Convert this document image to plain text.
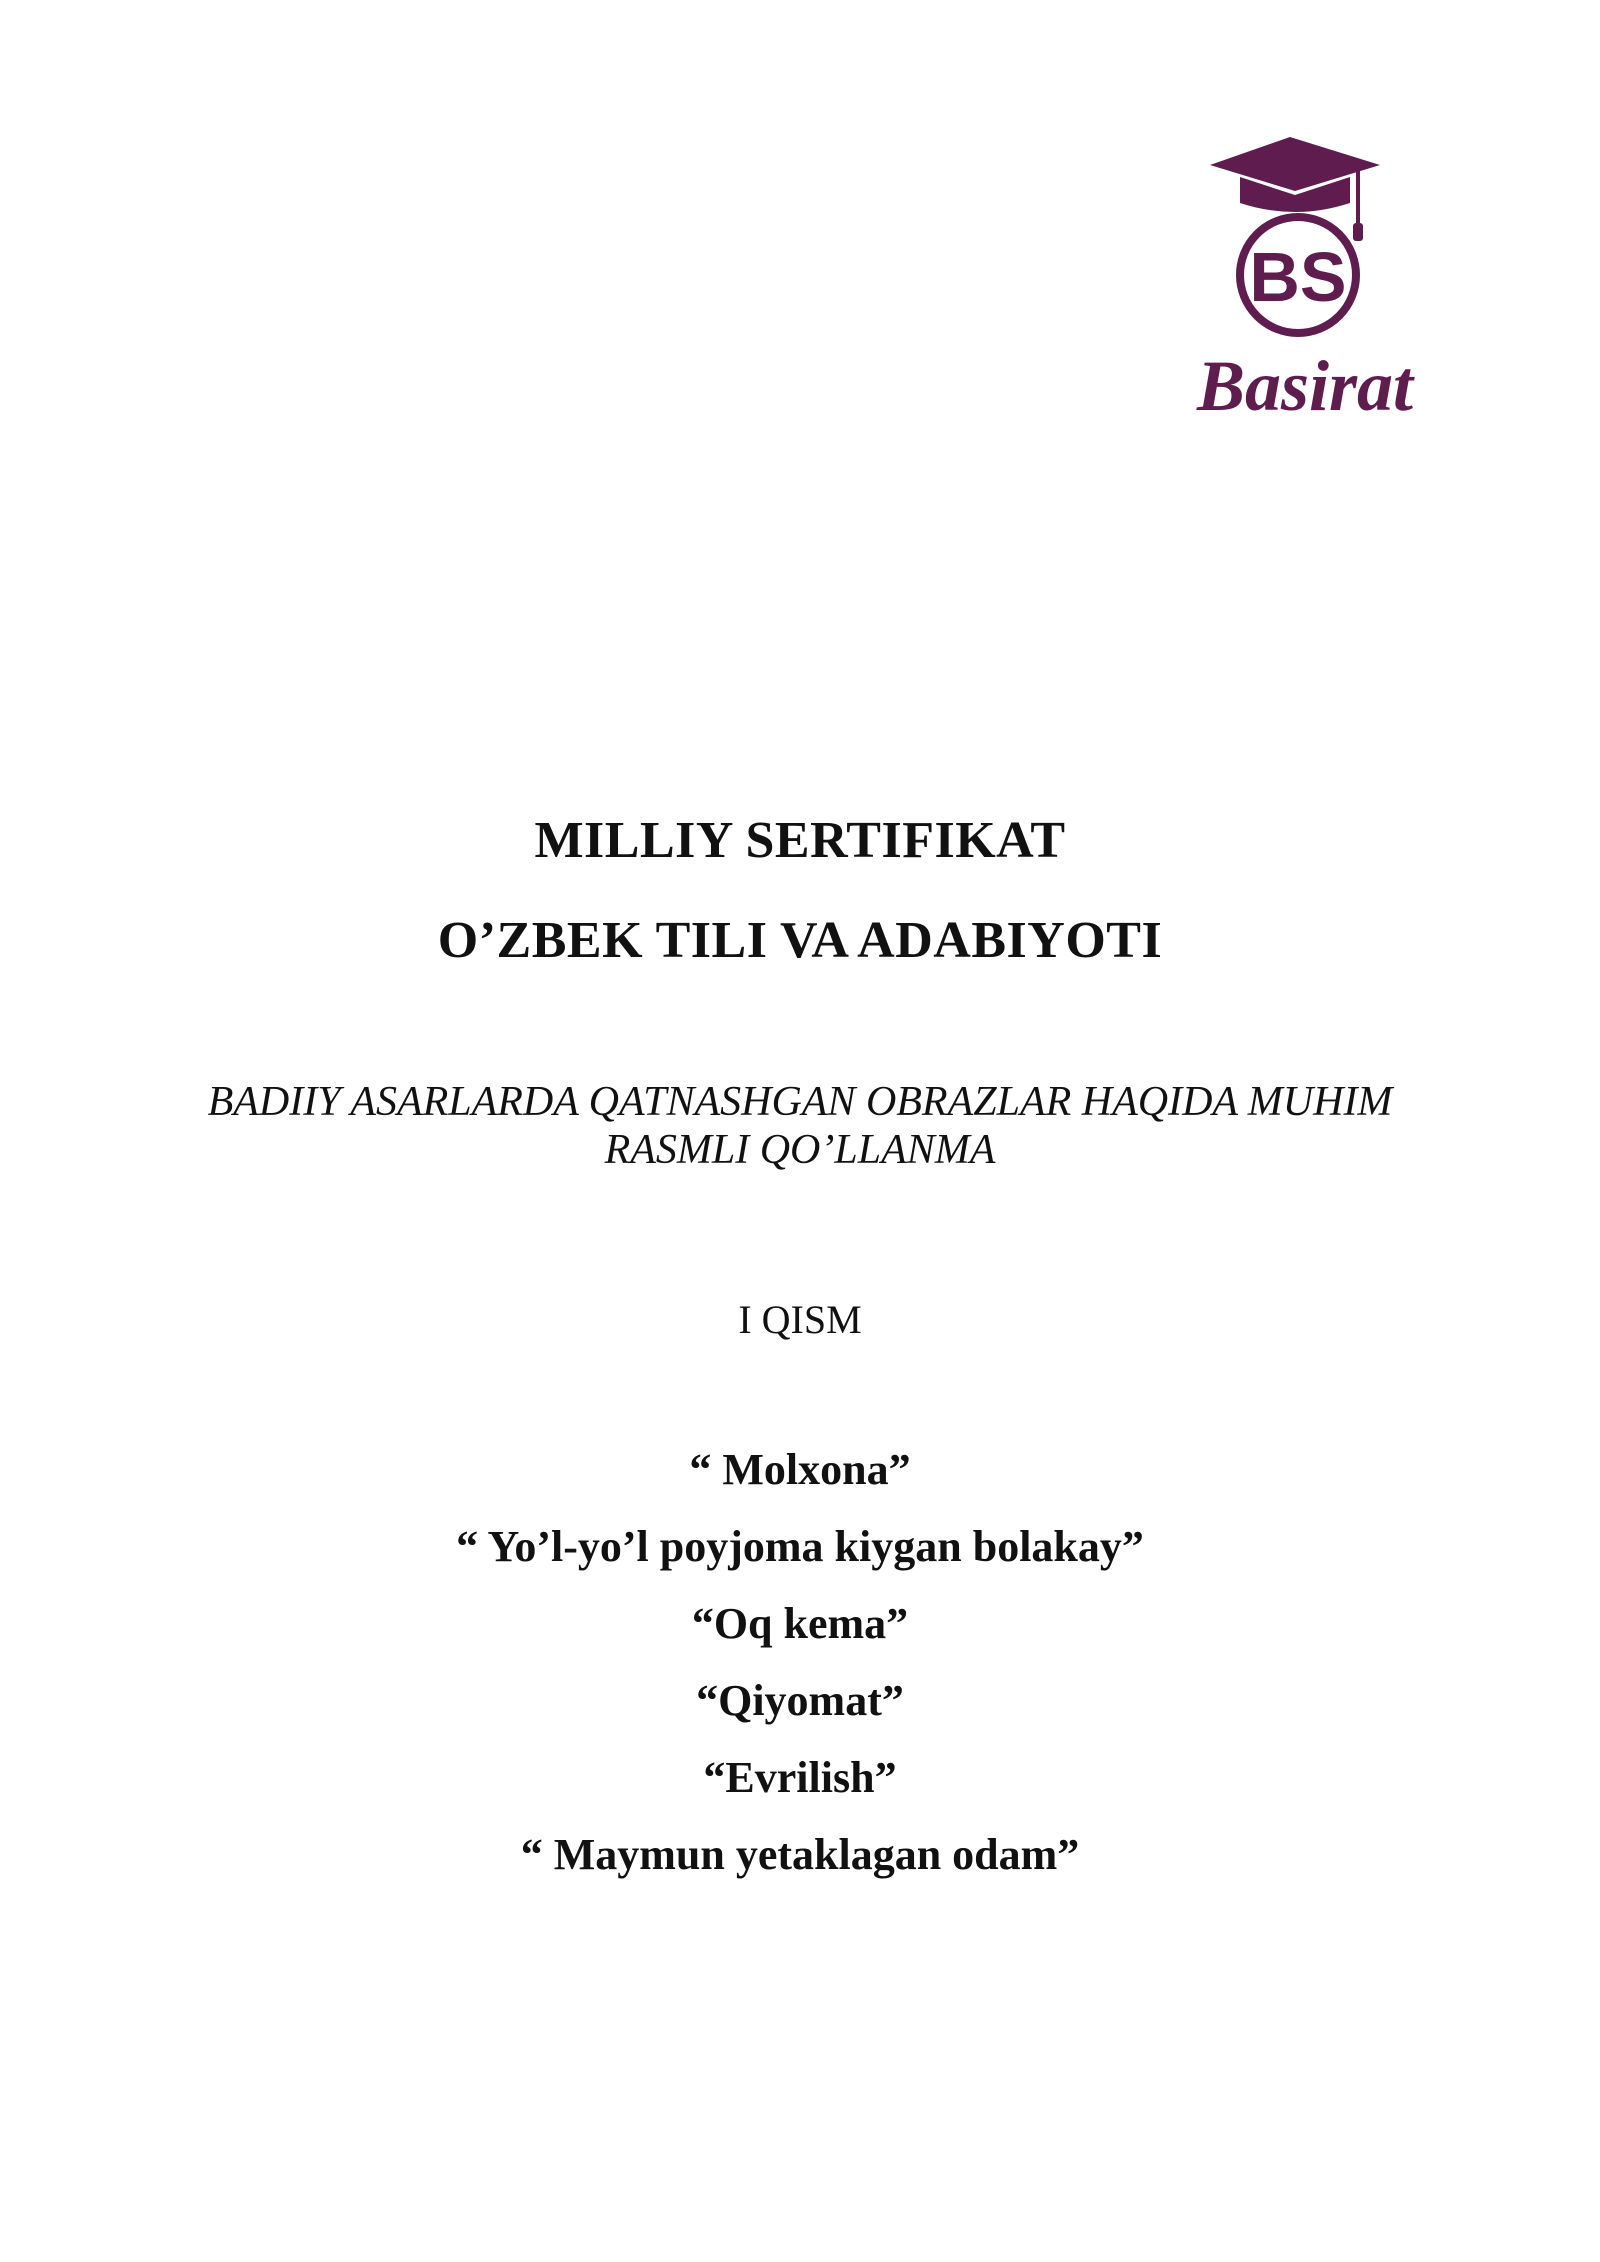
BS
Basirat
MILLIY SERTIFIKAT
O’ZBEK TILI VA ADABIYOTI
BADIIY ASARLARDA QATNASHGAN OBRAZLAR HAQIDA MUHIM
RASMLI QO’LLANMA
I QISM
“ Molxona”
“ Yo’l-yo’l poyjoma kiygan bolakay”
“Oq kema”
“Qiyomat”
“Evrilish”
“ Maymun yetaklagan odam”
